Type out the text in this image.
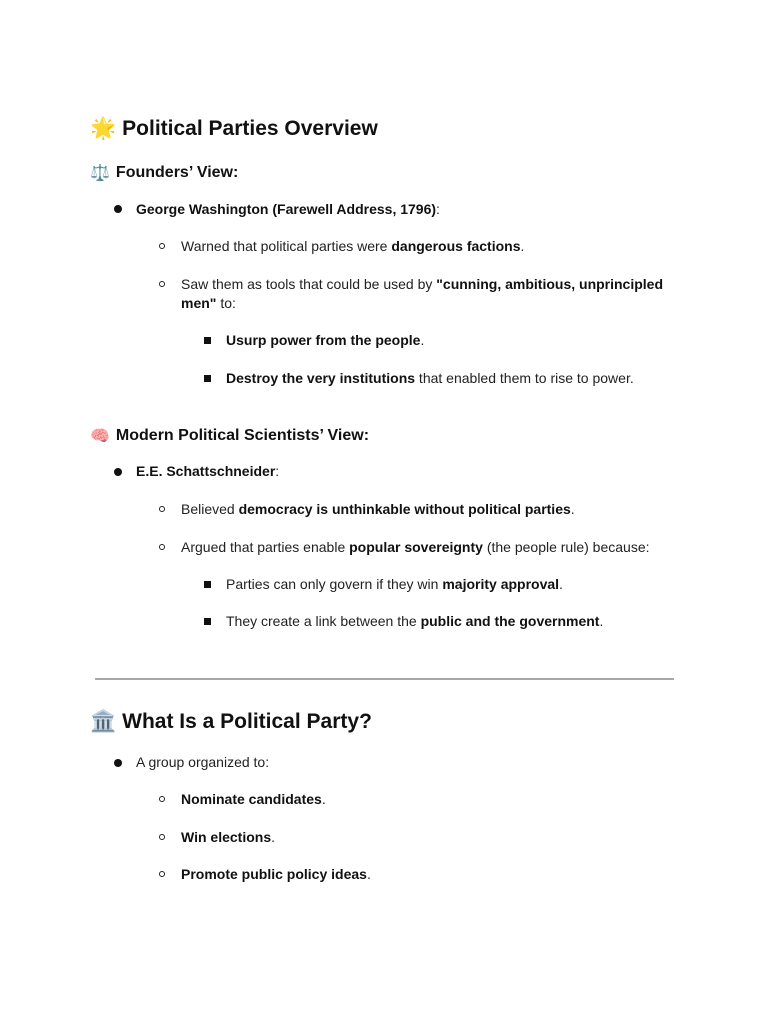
🌟 Political Parties Overview
⚖️ Founders’ View:
George Washington (Farewell Address, 1796):
Warned that political parties were dangerous factions.
Saw them as tools that could be used by "cunning, ambitious, unprincipled men" to:
Usurp power from the people.
Destroy the very institutions that enabled them to rise to power.
🧠 Modern Political Scientists’ View:
E.E. Schattschneider:
Believed democracy is unthinkable without political parties.
Argued that parties enable popular sovereignty (the people rule) because:
Parties can only govern if they win majority approval.
They create a link between the public and the government.
🏛️ What Is a Political Party?
A group organized to:
Nominate candidates.
Win elections.
Promote public policy ideas.
